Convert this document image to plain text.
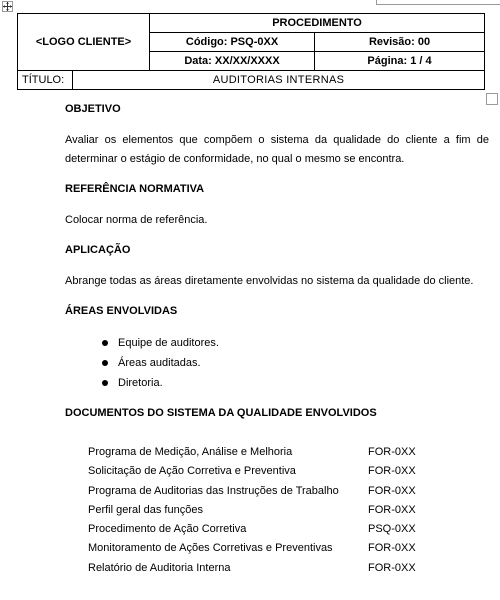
<LOGO CLIENTE>		PROCEDIMENTO	
		Código: PSQ-0XX	Revisão: 00
		Data: XX/XX/XXXX	Página: 1 / 4
TÍTULO:	AUDITORIAS INTERNAS		
OBJETIVO
Avaliar os elementos que compõem o sistema da qualidade do cliente a fim de determinar o estágio de conformidade, no qual o mesmo se encontra.
REFERÊNCIA NORMATIVA
Colocar norma de referência.
APLICAÇÃO
Abrange todas as áreas diretamente envolvidas no sistema da qualidade do cliente.
ÁREAS ENVOLVIDAS
Equipe de auditores.
Áreas auditadas.
Diretoria.
DOCUMENTOS DO SISTEMA DA QUALIDADE ENVOLVIDOS
Programa de Medição, Análise e Melhoria	FOR-0XX
Solicitação de Ação Corretiva e Preventiva	FOR-0XX
Programa de Auditorias das Instruções de Trabalho	FOR-0XX
Perfil geral das funções	FOR-0XX
Procedimento de Ação Corretiva	PSQ-0XX
Monitoramento de Ações Corretivas e Preventivas	FOR-0XX
Relatório de Auditoria Interna	FOR-0XX
